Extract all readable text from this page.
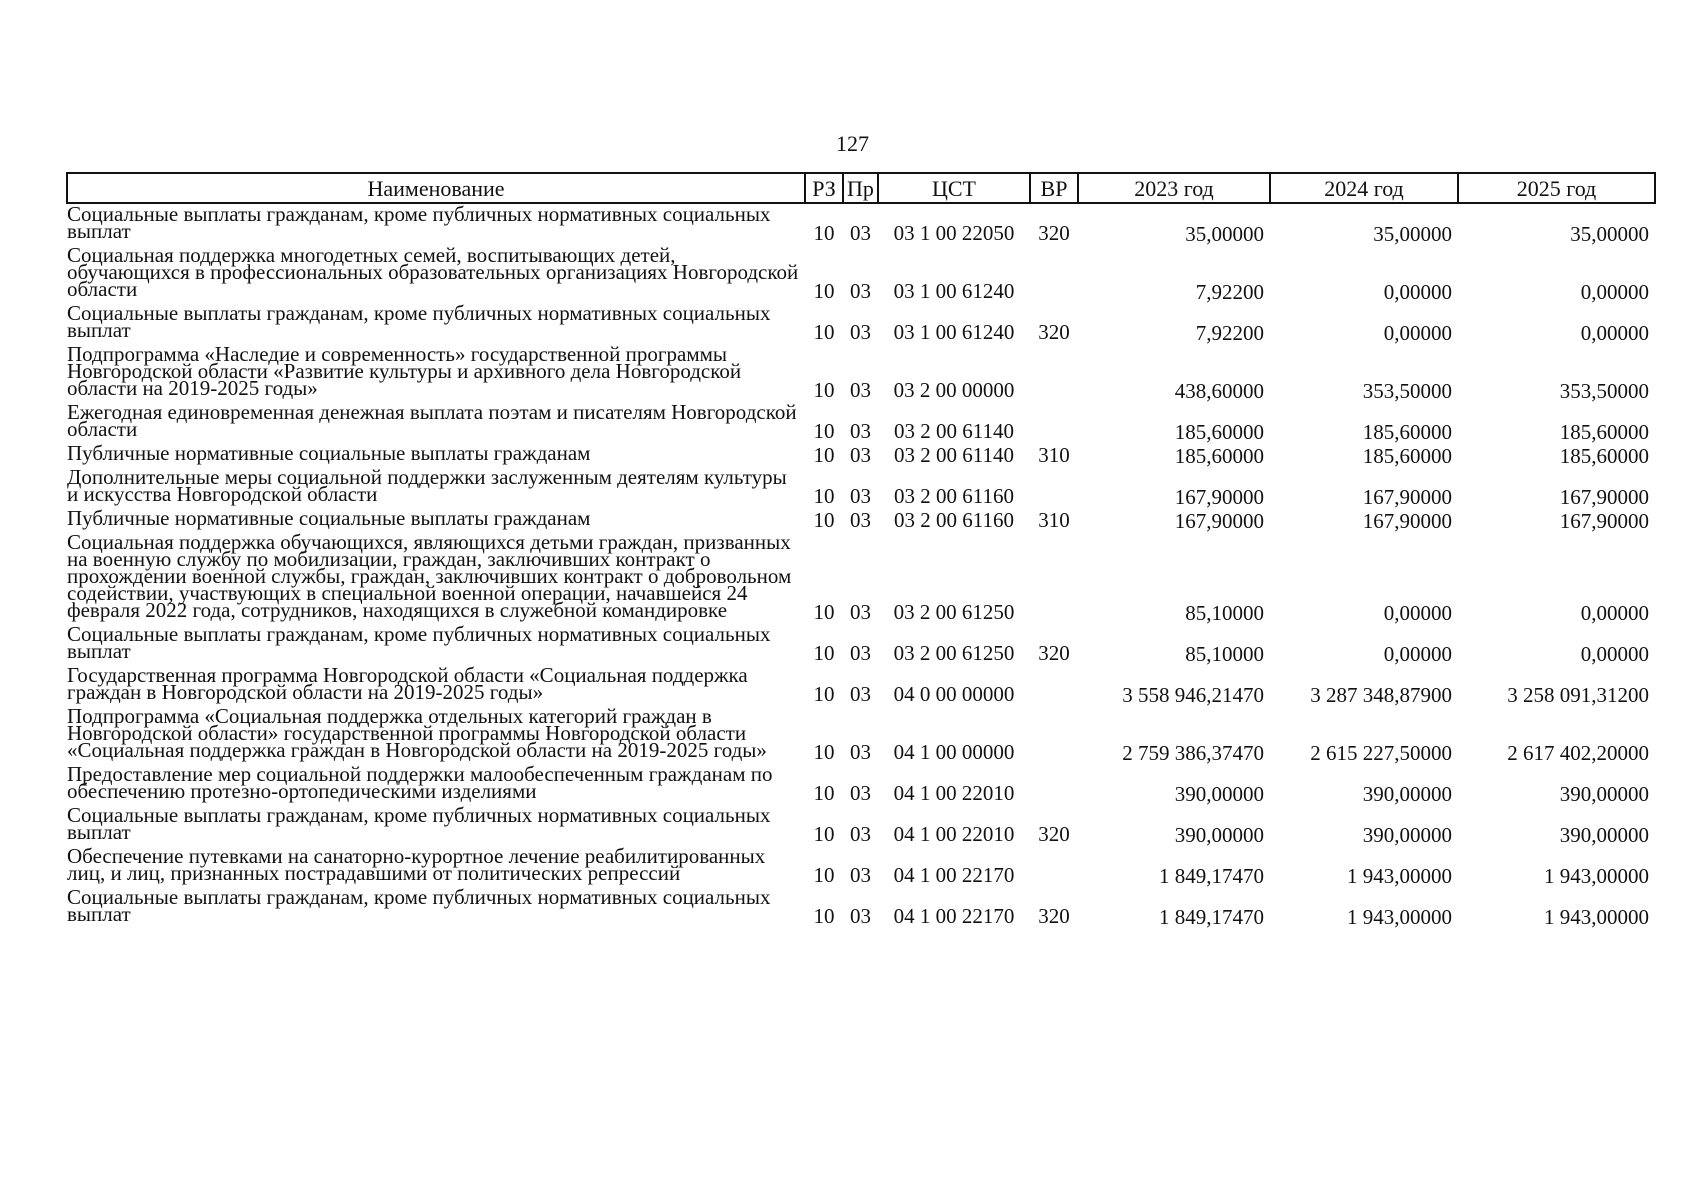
127
Наименование	РЗ	Пр	ЦСТ	ВР	2023 год	2024 год	2025 год

Социальные выплаты гражданам, кроме публичных нормативных социальных выплат	10	03	03 1 00 22050	320	35,00000	35,00000	35,00000

Социальная поддержка многодетных семей, воспитывающих детей, обучающихся в профессиональных образовательных организациях Новгородской области	10	03	03 1 00 61240		7,92200	0,00000	0,00000

Социальные выплаты гражданам, кроме публичных нормативных социальных выплат	10	03	03 1 00 61240	320	7,92200	0,00000	0,00000

Подпрограмма «Наследие и современность» государственной программы Новгородской области «Развитие культуры и архивного дела Новгородской области на 2019-2025 годы»	10	03	03 2 00 00000		438,60000	353,50000	353,50000

Ежегодная единовременная денежная выплата поэтам и писателям Новгородской области	10	03	03 2 00 61140		185,60000	185,60000	185,60000

Публичные нормативные социальные выплаты гражданам	10	03	03 2 00 61140	310	185,60000	185,60000	185,60000

Дополнительные меры социальной поддержки заслуженным деятелям культуры и искусства Новгородской области	10	03	03 2 00 61160		167,90000	167,90000	167,90000

Публичные нормативные социальные выплаты гражданам	10	03	03 2 00 61160	310	167,90000	167,90000	167,90000

Социальная поддержка обучающихся, являющихся детьми граждан, призванных на военную службу по мобилизации, граждан, заключивших контракт о прохождении военной службы, граждан, заключивших контракт о добровольном содействии, участвующих в специальной военной операции, начавшейся 24 февраля 2022 года, сотрудников, находящихся в служебной командировке	10	03	03 2 00 61250		85,10000	0,00000	0,00000

Социальные выплаты гражданам, кроме публичных нормативных социальных выплат	10	03	03 2 00 61250	320	85,10000	0,00000	0,00000

Государственная программа Новгородской области «Социальная поддержка граждан в Новгородской области на 2019-2025 годы»	10	03	04 0 00 00000		3 558 946,21470	3 287 348,87900	3 258 091,31200

Подпрограмма «Социальная поддержка отдельных категорий граждан в Новгородской области» государственной программы Новгородской области «Социальная поддержка граждан в Новгородской области на 2019-2025 годы»	10	03	04 1 00 00000		2 759 386,37470	2 615 227,50000	2 617 402,20000

Предоставление мер социальной поддержки малообеспеченным гражданам по обеспечению протезно-ортопедическими изделиями	10	03	04 1 00 22010		390,00000	390,00000	390,00000

Социальные выплаты гражданам, кроме публичных нормативных социальных выплат	10	03	04 1 00 22010	320	390,00000	390,00000	390,00000

Обеспечение путевками на санаторно-курортное лечение реабилитированных лиц, и лиц, признанных пострадавшими от политических репрессий	10	03	04 1 00 22170		1 849,17470	1 943,00000	1 943,00000

Социальные выплаты гражданам, кроме публичных нормативных социальных выплат	10	03	04 1 00 22170	320	1 849,17470	1 943,00000	1 943,00000
